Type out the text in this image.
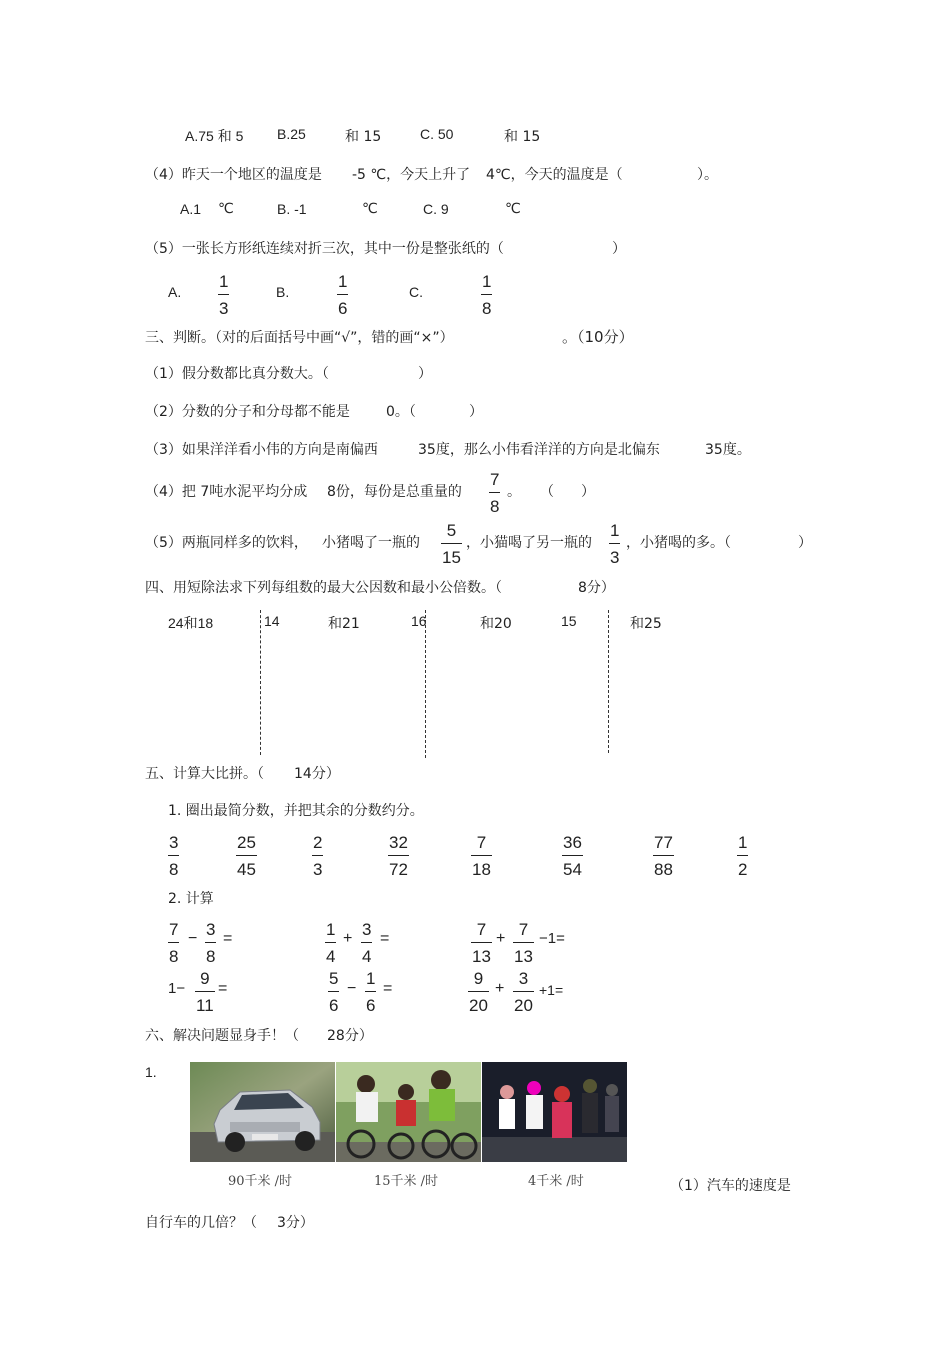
A.75 和 5 B.25	和 15	C. 50	和 15
（4）昨天一个地区的温度是 -5 ℃，今天上升了 4℃，今天的温度是（	）。
A.1 ℃	B. -1	℃	C. 9	℃
（5）一张长方形纸连续对折三次，其中一份是整张纸的（	）
A.
1
3
B.
1
6
C.
1
8
三、判断。（对的后面括号中画“√”，错的画“×”）	。（10分）
（1）假分数都比真分数大。（	）
（2）分数的分子和分母都不能是	0。（	）
（3）如果洋洋看小伟的方向是南偏西	35度，那么小伟看洋洋的方向是北偏东	35度。
（4）把 7吨水泥平均分成 8份，每份是总重量的
7
8
。 （ ）
（5）两瓶同样多的饮料， 小猪喝了一瓶的
5
15
，小猫喝了另一瓶的
1
3
，小猪喝的多。（	）
四、用短除法求下列每组数的最大公因数和最小公倍数。（	8分）
24和18	14	和21	16	和20	15	和25
五、计算大比拼。（ 14分）
1. 圈出最简分数，并把其余的分数约分。
3
8
25
45
2
3
32
72
7
18
36
54
77
88
1
2
2. 计算
7
8
− 3
8
=	1
4
+ 3
4
=	7
13
+ 7
13
−1=
1−
9
11
=
5
6
−
1
6
=
9
20
+
3
20
+1=
六、解决问题显身手！（ 28分）
1.
90千米 /时	15千米 /时	4千米 /时	（1）汽车的速度是
自行车的几倍？（ 3分）
